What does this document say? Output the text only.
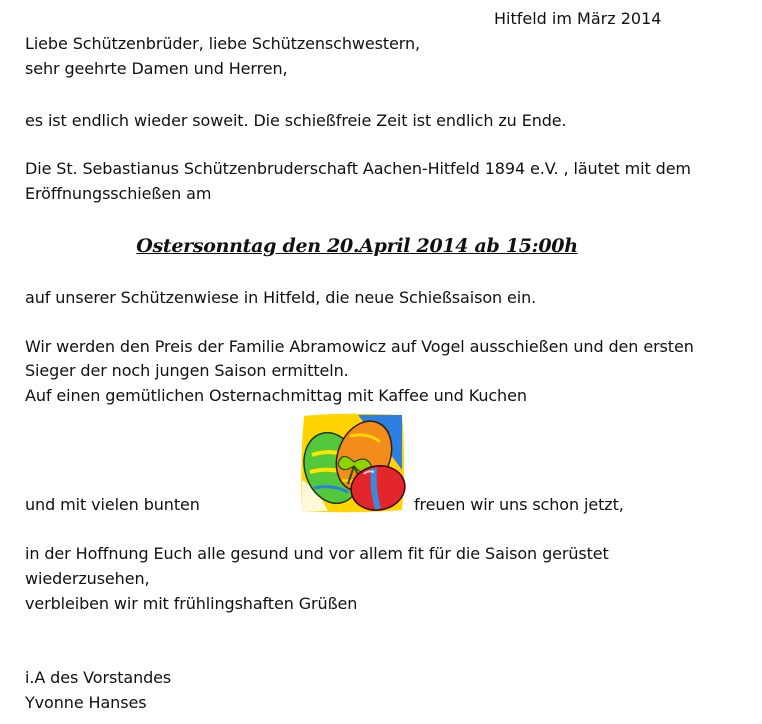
Hitfeld im März 2014
Liebe Schützenbrüder, liebe Schützenschwestern,
sehr geehrte Damen und Herren,
es ist endlich wieder soweit. Die schießfreie Zeit ist endlich zu Ende.
Die St. Sebastianus Schützenbruderschaft Aachen-Hitfeld 1894 e.V. , läutet mit dem
Eröffnungsschießen am
Ostersonntag den 20.April 2014 ab 15:00h
auf unserer Schützenwiese in Hitfeld, die neue Schießsaison ein.
Wir werden den Preis der Familie Abramowicz auf Vogel ausschießen und den ersten
Sieger der noch jungen Saison ermitteln.
Auf einen gemütlichen Osternachmittag mit Kaffee und Kuchen
und mit vielen bunten	freuen wir uns schon jetzt,
in der Hoffnung Euch alle gesund und vor allem fit für die Saison gerüstet
wiederzusehen,
verbleiben wir mit frühlingshaften Grüßen
i.A des Vorstandes
Yvonne Hanses
